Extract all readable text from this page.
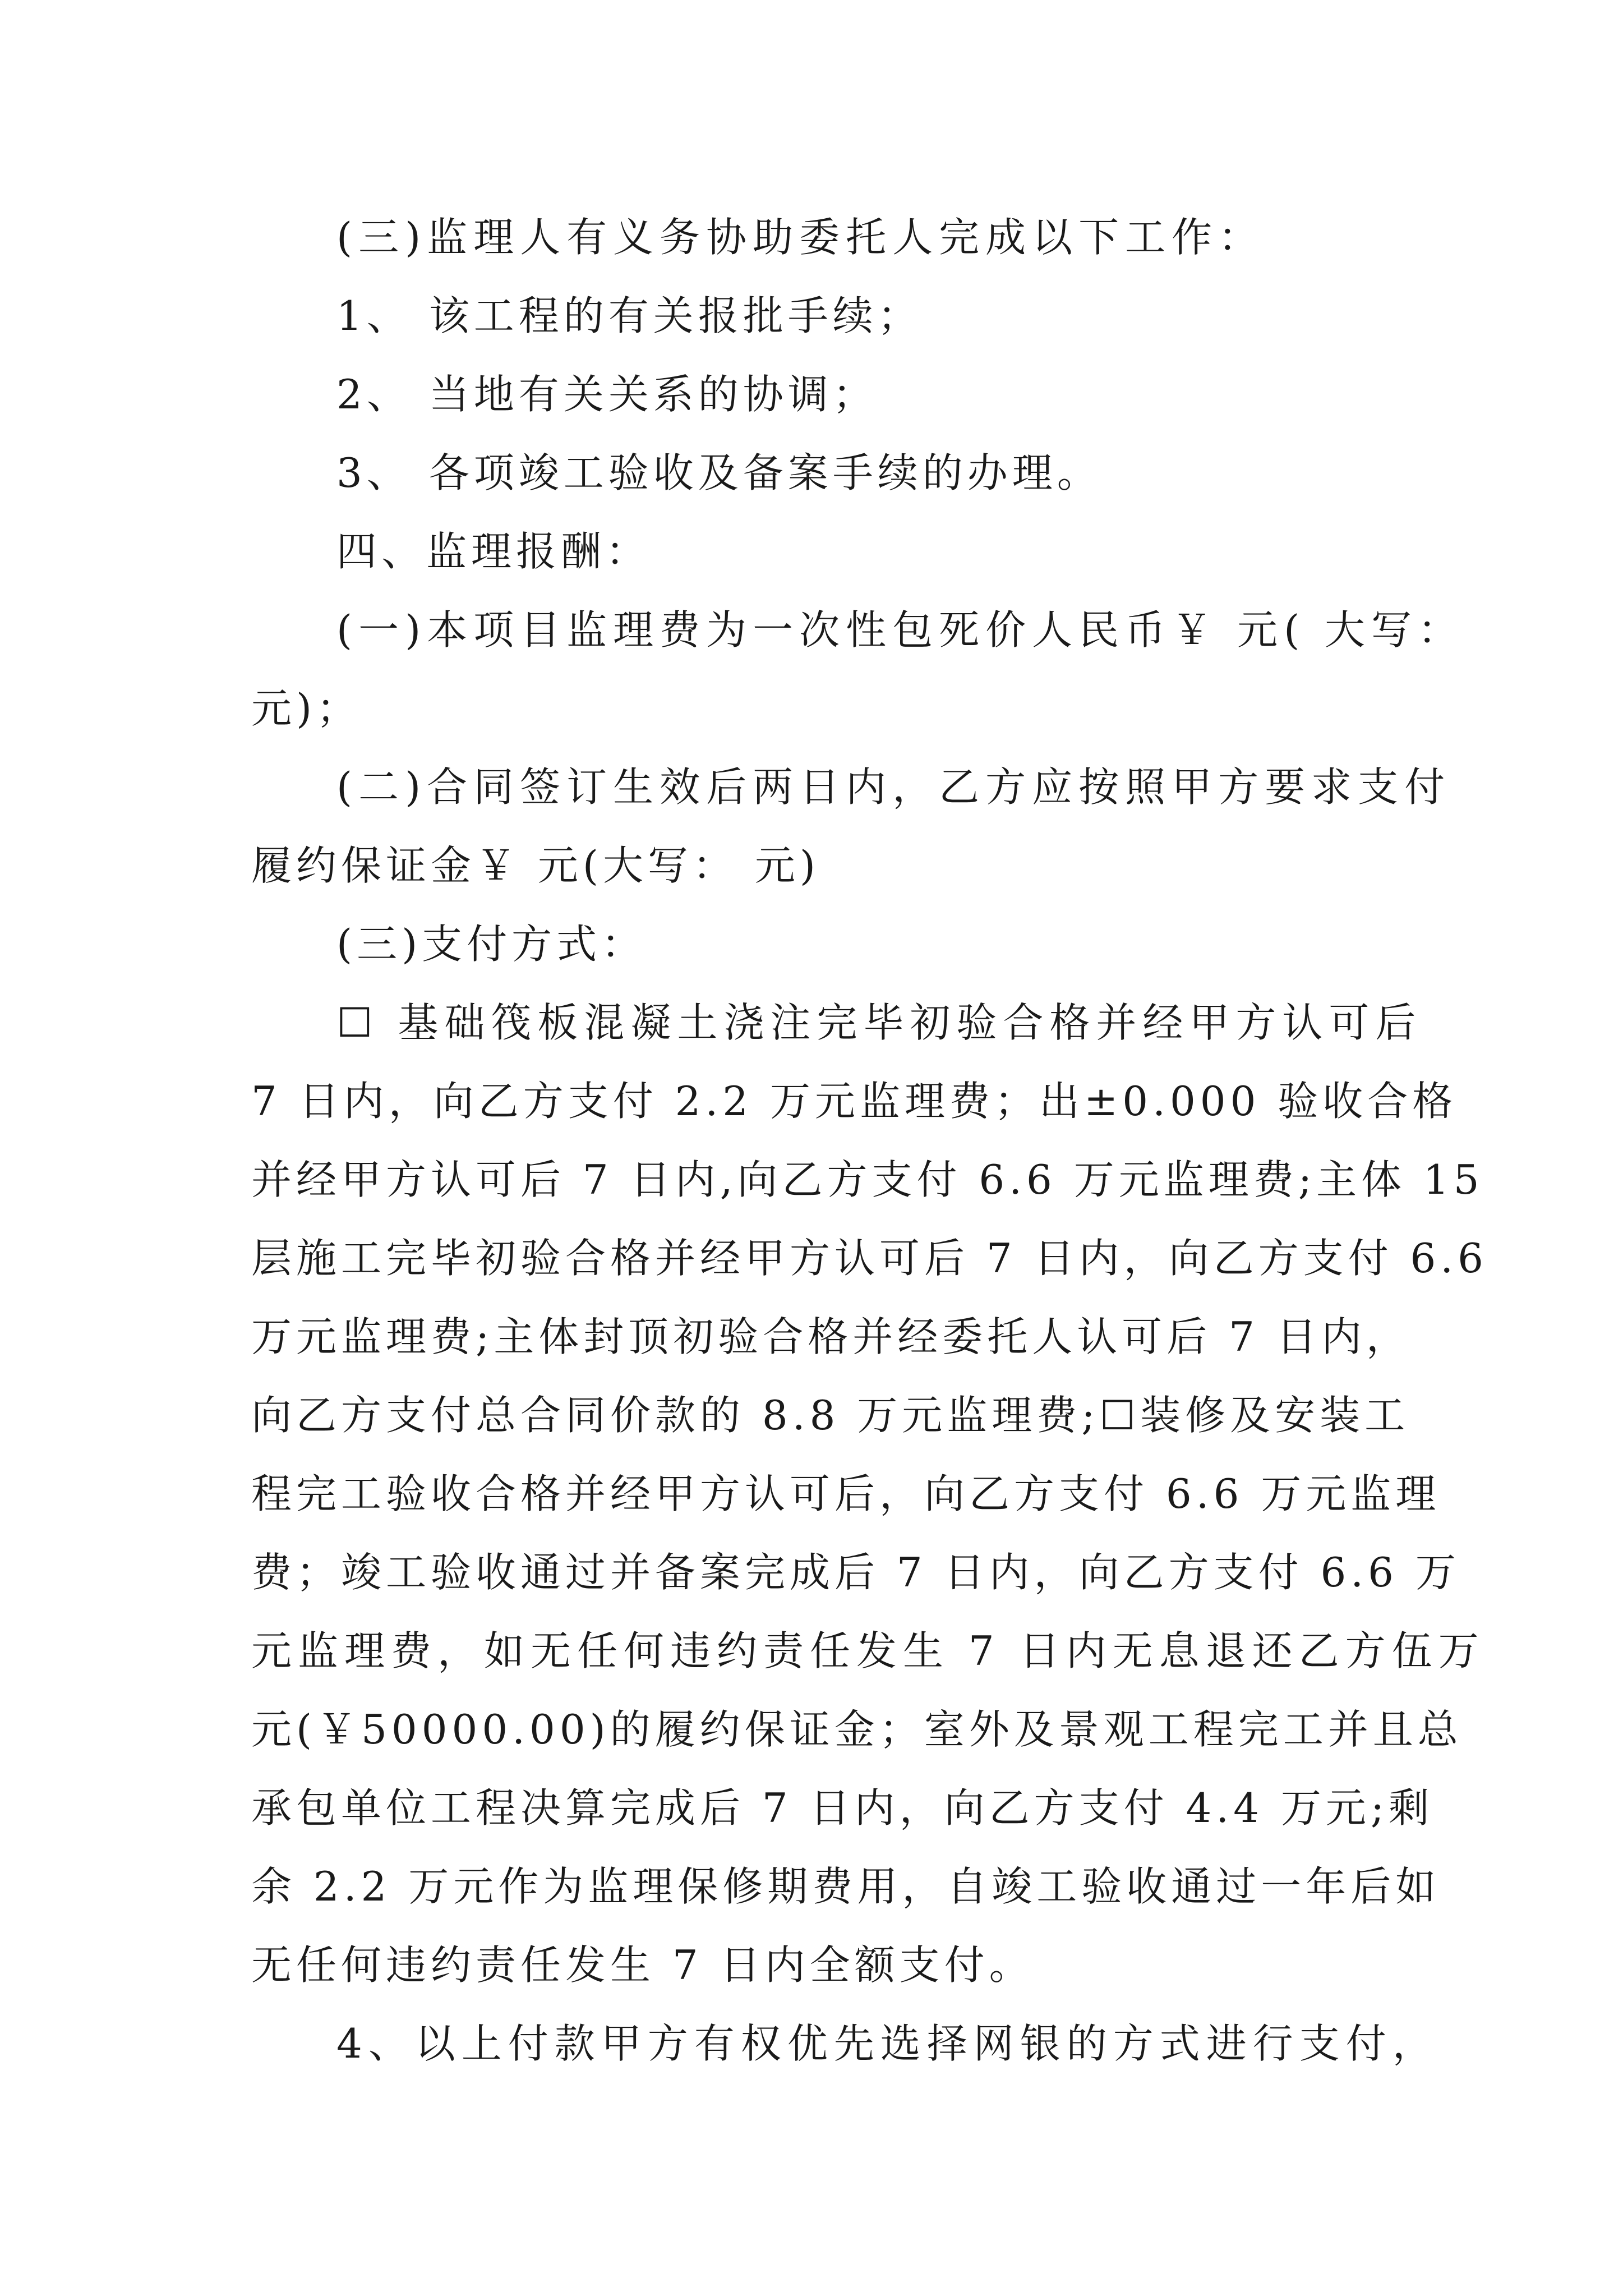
(三)监理人有义务协助委托人完成以下工作：
1、 该工程的有关报批手续；
2、 当地有关关系的协调；
3、 各项竣工验收及备案手续的办理。
四、监理报酬：
(一)本项目监理费为一次性包死价人民币￥ 元( 大写：
元)；
(二)合同签订生效后两日内，乙方应按照甲方要求支付
履约保证金￥ 元(大写： 元)
(三)支付方式：
☐ 基础筏板混凝土浇注完毕初验合格并经甲方认可后
7 日内，向乙方支付 2.2 万元监理费；出±0.000 验收合格
并经甲方认可后 7 日内,向乙方支付 6.6 万元监理费;主体 15
层施工完毕初验合格并经甲方认可后 7 日内，向乙方支付 6.6
万元监理费;主体封顶初验合格并经委托人认可后 7 日内，
向乙方支付总合同价款的 8.8 万元监理费;☐装修及安装工
程完工验收合格并经甲方认可后，向乙方支付 6.6 万元监理
费；竣工验收通过并备案完成后 7 日内，向乙方支付 6.6 万
元监理费，如无任何违约责任发生 7 日内无息退还乙方伍万
元(￥50000.00)的履约保证金；室外及景观工程完工并且总
承包单位工程决算完成后 7 日内，向乙方支付 4.4 万元;剩
余 2.2 万元作为监理保修期费用，自竣工验收通过一年后如
无任何违约责任发生 7 日内全额支付。
4、以上付款甲方有权优先选择网银的方式进行支付，
